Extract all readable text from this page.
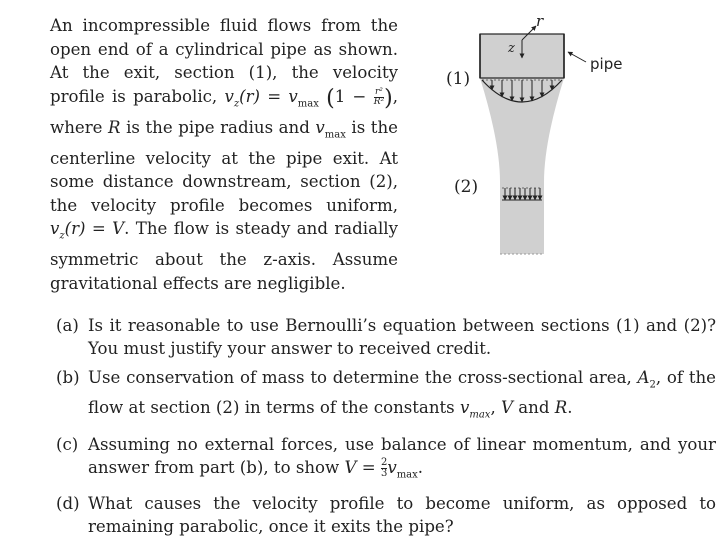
An incompressible fluid flows from the open end of a cylindrical pipe as shown. At the exit, section (1), the velocity profile is parabolic, $v_z(r) = v_{max}$ ($1 - \frac{\text{r²}}{\text{R²}}$ ), where R is the pipe radius and $v_{max}$ is the centerline velocity at the pipe exit. At some distance downstream, section (2), the velocity profile becomes uniform, $v_z(r) = V$. The flow is steady and radially symmetric about the z-axis. Assume gravitational effects are negligible.

r
z
pipe
(1)
(2)
(a) Is it reasonable to use Bernoulli’s equation between sections (1) and (2)? You must justify your answer to received credit.
(b) Use conservation of mass to determine the cross-sectional area, $A_2$, of the flow at section (2) in terms of the constants $v_{max}$, V and R.
(c) Assuming no external forces, use balance of linear momentum, and your answer from part (b), to show $V = \frac{2}{3}v_{max}$.
(d) What causes the velocity profile to become uniform, as opposed to remaining parabolic, once it exits the pipe?
